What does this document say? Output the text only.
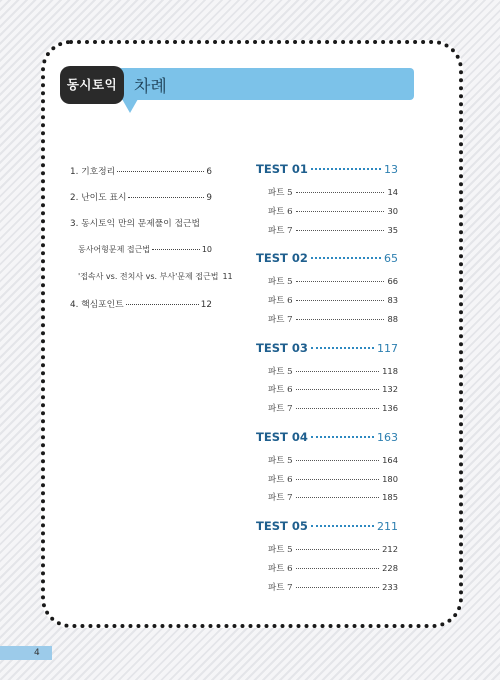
동시토익 차례
1. 기호정리	6
2. 난이도 표시	9
3. 동시토익 만의 문제풀이 접근법
동사어형문제 접근법	10
'접속사 vs. 전치사 vs. 부사'문제 접근법 11
4. 핵심포인트	12
TEST 01	13
파트 5	14
파트 6	30
파트 7	35
TEST 02	65
파트 5	66
파트 6	83
파트 7	88
TEST 03	117
파트 5	118
파트 6	132
파트 7	136
TEST 04	163
파트 5	164
파트 6	180
파트 7	185
TEST 05	211
파트 5	212
파트 6	228
파트 7	233
4
